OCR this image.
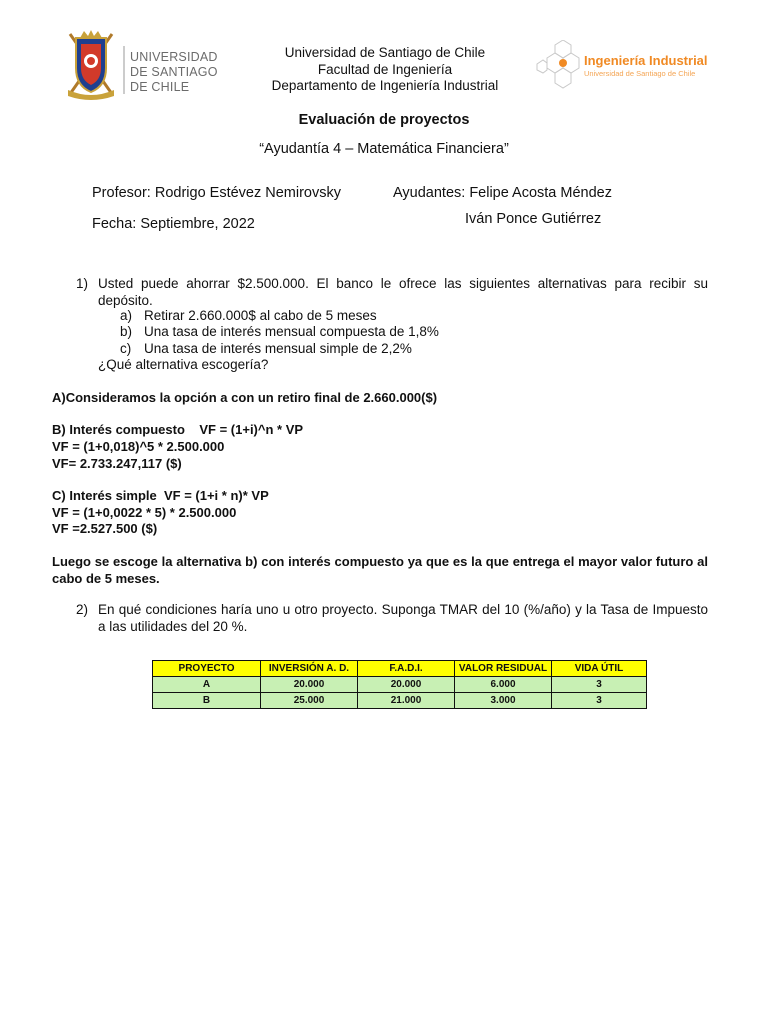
UNIVERSIDAD
DE SANTIAGO
DE CHILE
Universidad de Santiago de Chile
Facultad de Ingeniería
Departamento de Ingeniería Industrial
Ingeniería Industrial
Universidad de Santiago de Chile
Evaluación de proyectos
“Ayudantía 4 – Matemática Financiera”
Profesor: Rodrigo Estévez Nemirovsky	Ayudantes: Felipe Acosta Méndez
Iván Ponce Gutiérrez
Fecha: Septiembre, 2022
1) Usted puede ahorrar $2.500.000. El banco le ofrece las siguientes alternativas para recibir su depósito.
a) Retirar 2.660.000$ al cabo de 5 meses
b) Una tasa de interés mensual compuesta de 1,8%
c) Una tasa de interés mensual simple de 2,2%
¿Qué alternativa escogería?
A)Consideramos la opción a con un retiro final de 2.660.000($)
B) Interés compuesto    VF = (1+i)^n * VP
VF = (1+0,018)^5 * 2.500.000
VF= 2.733.247,117 ($)
C) Interés simple  VF = (1+i * n)* VP
VF = (1+0,0022 * 5) * 2.500.000
VF =2.527.500 ($)
Luego se escoge la alternativa b) con interés compuesto ya que es la que entrega el mayor valor futuro al cabo de 5 meses.
2) En qué condiciones haría uno u otro proyecto. Suponga TMAR del 10 (%/año) y la Tasa de Impuesto a las utilidades del 20 %.
PROYECTO	INVERSIÓN A. D.	F.A.D.I.	VALOR RESIDUAL	VIDA ÚTIL
A	20.000	20.000	6.000	3
B	25.000	21.000	3.000	3
